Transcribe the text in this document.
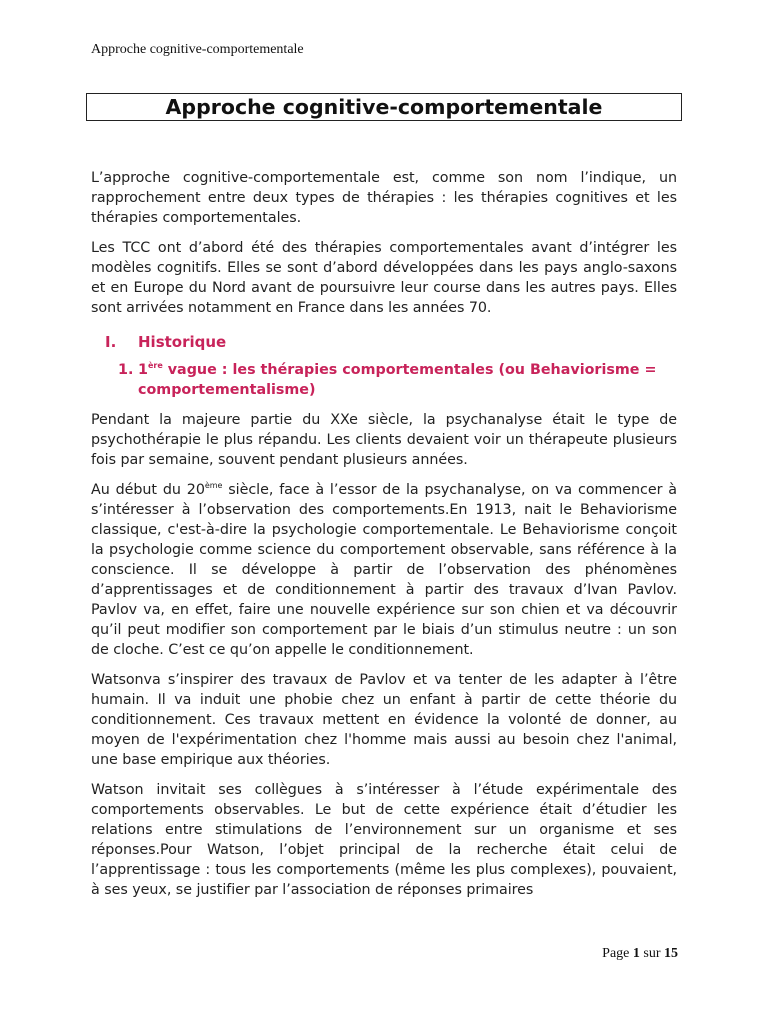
Approche cognitive-comportementale
Approche cognitive-comportementale

L’approche cognitive-comportementale est, comme son nom l’indique, un rapprochement entre deux types de thérapies : les thérapies cognitives et les thérapies comportementales.

Les TCC ont d’abord été des thérapies comportementales avant d’intégrer les modèles cognitifs. Elles se sont d’abord développées dans les pays anglo-saxons et en Europe du Nord avant de poursuivre leur course dans les autres pays. Elles sont arrivées notamment en France dans les années 70.

I.	Historique
1. 1ère vague : les thérapies comportementales (ou Behaviorisme = comportementalisme)

Pendant la majeure partie du XXe siècle, la psychanalyse était le type de psychothérapie le plus répandu. Les clients devaient voir un thérapeute plusieurs fois par semaine, souvent pendant plusieurs années.

Au début du 20ème siècle, face à l’essor de la psychanalyse, on va commencer à s’intéresser à l’observation des comportements.En 1913, nait le Behaviorisme classique, c'est-à-dire la psychologie comportementale. Le Behaviorisme conçoit la psychologie comme science du comportement observable, sans référence à la conscience. Il se développe à partir de l’observation des phénomènes d’apprentissages et de conditionnement à partir des travaux d’Ivan Pavlov. Pavlov va, en effet, faire une nouvelle expérience sur son chien et va découvrir qu’il peut modifier son comportement par le biais d’un stimulus neutre : un son de cloche. C’est ce qu’on appelle le conditionnement.

Watsonva s’inspirer des travaux de Pavlov et va tenter de les adapter à l’être humain. Il va induit une phobie chez un enfant à partir de cette théorie du conditionnement. Ces travaux mettent en évidence la volonté de donner, au moyen de l'expérimentation chez l'homme mais aussi au besoin chez l'animal, une base empirique aux théories.

Watson invitait ses collègues à s’intéresser à l’étude expérimentale des comportements observables. Le but de cette expérience était d’étudier les relations entre stimulations de l’environnement sur un organisme et ses réponses.Pour Watson, l’objet principal de la recherche était celui de l’apprentissage : tous les comportements (même les plus complexes), pouvaient, à ses yeux, se justifier par l’association de réponses primaires

Page 1 sur 15
